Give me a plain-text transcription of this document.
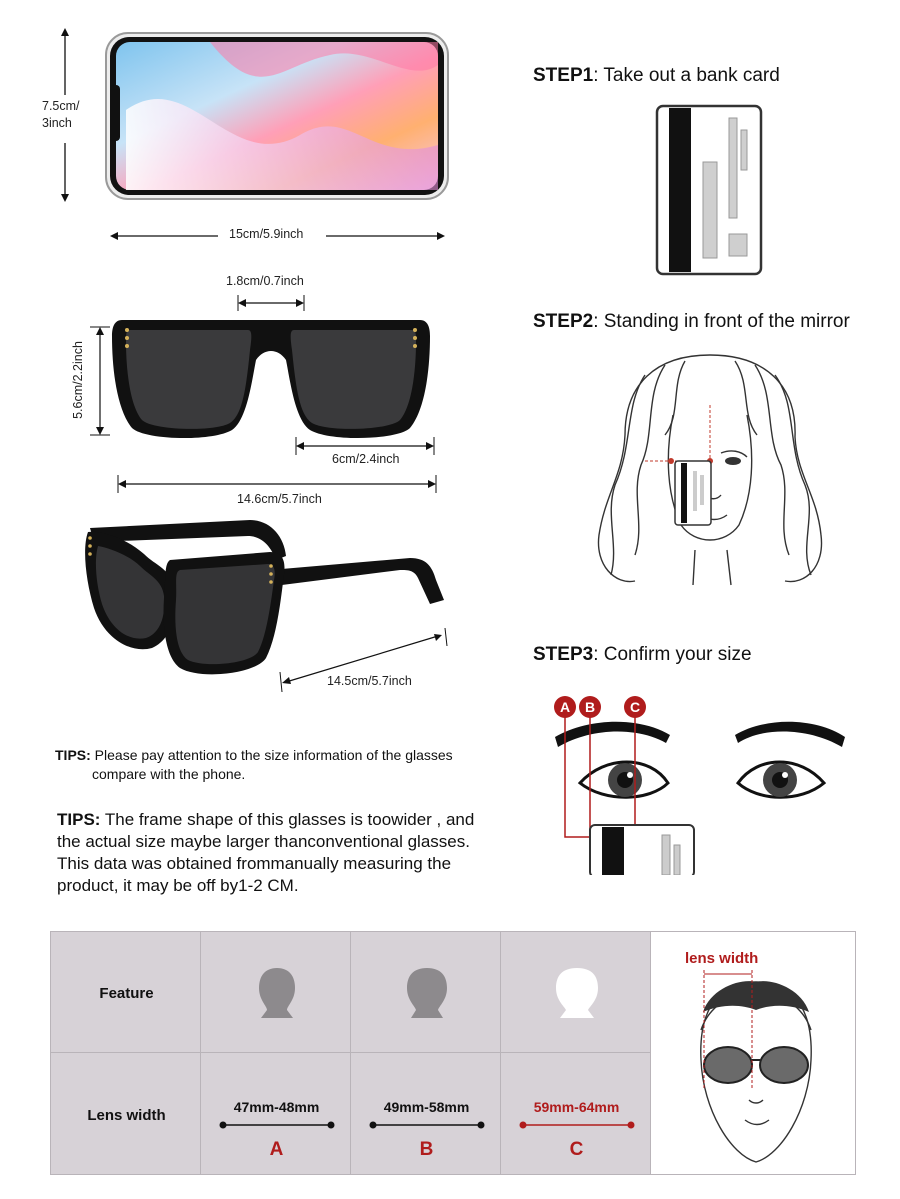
7.5cm/
3inch
15cm/5.9inch
1.8cm/0.7inch
5.6cm/2.2inch
6cm/2.4inch
14.6cm/5.7inch
14.5cm/5.7inch
TIPS: Please pay attention to the size information of the glasses
compare with the phone.
TIPS: The frame shape of this glasses is toowider , and
the actual size maybe larger thanconventional glasses.
This data was obtained frommanually measuring the
product, it may be off by1-2 CM.
STEP1: Take out a bank card
STEP2: Standing in front of the mirror
STEP3: Confirm your size
A B C
Feature
Lens width	47mm-48mm
A
49mm-58mm
B
59mm-64mm
C
lens width
